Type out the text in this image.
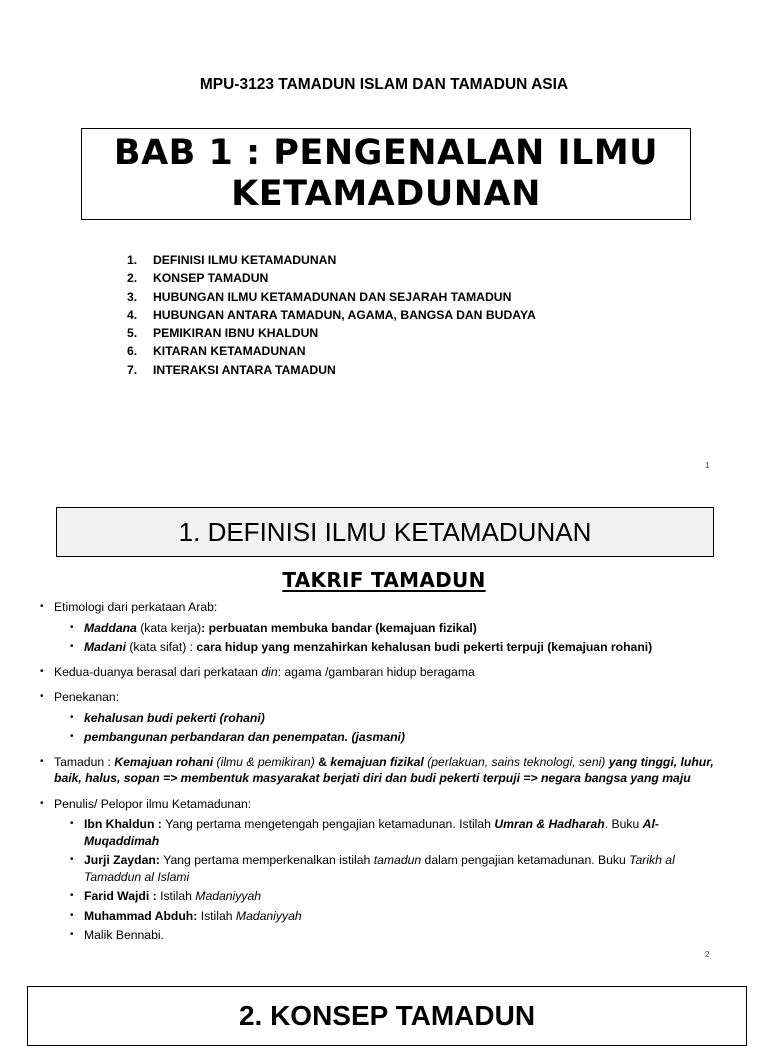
MPU-3123 TAMADUN ISLAM DAN TAMADUN ASIA
BAB 1 : PENGENALAN ILMU
KETAMADUNAN
1. DEFINISI ILMU KETAMADUNAN
2. KONSEP TAMADUN
3. HUBUNGAN ILMU KETAMADUNAN DAN SEJARAH TAMADUN
4. HUBUNGAN ANTARA TAMADUN, AGAMA, BANGSA DAN BUDAYA
5. PEMIKIRAN IBNU KHALDUN
6. KITARAN KETAMADUNAN
7. INTERAKSI ANTARA TAMADUN
1
1. DEFINISI ILMU KETAMADUNAN
TAKRIF TAMADUN
• Etimologi dari perkataan Arab:
• Maddana (kata kerja): perbuatan membuka bandar (kemajuan fizikal)
• Madani (kata sifat) : cara hidup yang menzahirkan kehalusan budi pekerti terpuji (kemajuan rohani)
• Kedua-duanya berasal dari perkataan din: agama /gambaran hidup beragama
• Penekanan:
• kehalusan budi pekerti (rohani)
• pembangunan perbandaran dan penempatan. (jasmani)
• Tamadun : Kemajuan rohani (ilmu & pemikiran) & kemajuan fizikal (perlakuan, sains teknologi, seni) yang tinggi, luhur, baik, halus, sopan => membentuk masyarakat berjati diri dan budi pekerti terpuji => negara bangsa yang maju
• Penulis/ Pelopor ilmu Ketamadunan:
• Ibn Khaldun : Yang pertama mengetengah pengajian ketamadunan. Istilah Umran & Hadharah. Buku Al-Muqaddimah
• Jurji Zaydan: Yang pertama memperkenalkan istilah tamadun dalam pengajian ketamadunan. Buku Tarikh al Tamaddun al Islami
• Farid Wajdi : Istilah Madaniyyah
• Muhammad Abduh: Istilah Madaniyyah
• Malik Bennabi.
2
2. KONSEP TAMADUN
